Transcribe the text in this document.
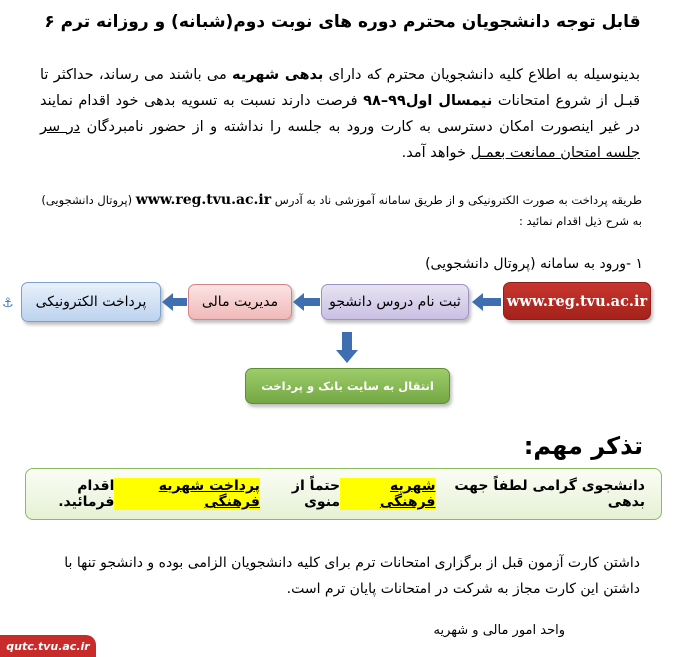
قابل توجه دانشجویان محترم دوره های نوبت دوم(شبانه) و روزانه ترم ۶
بدینوسیله به اطلاع کلیه دانشجویان محترم که دارای بدهی شهریه می باشند می رساند، حداکثر تا قبـل از شروع امتحانات نیمسال اول۹۹–۹۸ فرصت دارند نسبت به تسویه بدهی خود اقدام نمایند در غیر اینصورت امکان دسترسی به کارت ورود به جلسه را نداشته و از حضور نامبردگان در سر جلسه امتحان ممانعت بعمـل خواهد آمد.
طریقه پرداخت به صورت الکترونیکی و از طریق سامانه آموزشی ناد به آدرس www.reg.tvu.ac.ir (پروتال دانشجویی) به شرح ذیل اقدام نمائید :
۱ -ورود به سامانه (پروتال دانشجویی)
www.reg.tvu.ac.ir
ثبت نام دروس دانشجو
مدیریت مالی
پرداخت الکترونیکی
انتقال به سایت بانک و پرداخت
⚓
تذکر مهم:
دانشجوی گرامی لطفاً جهت بدهی
شهریه فرهنگی
حتماً از منوی
پرداخت شهریه فرهنگی
اقدام فرمائید.
داشتن کارت آزمون قبل از برگزاری امتحانات ترم برای کلیه دانشجویان الزامی بوده و دانشجو تنها با داشتن این کارت مجاز به شرکت در امتحانات پایان ترم است.
واحد امور مالی و شهریه
qutc.tvu.ac.ir
